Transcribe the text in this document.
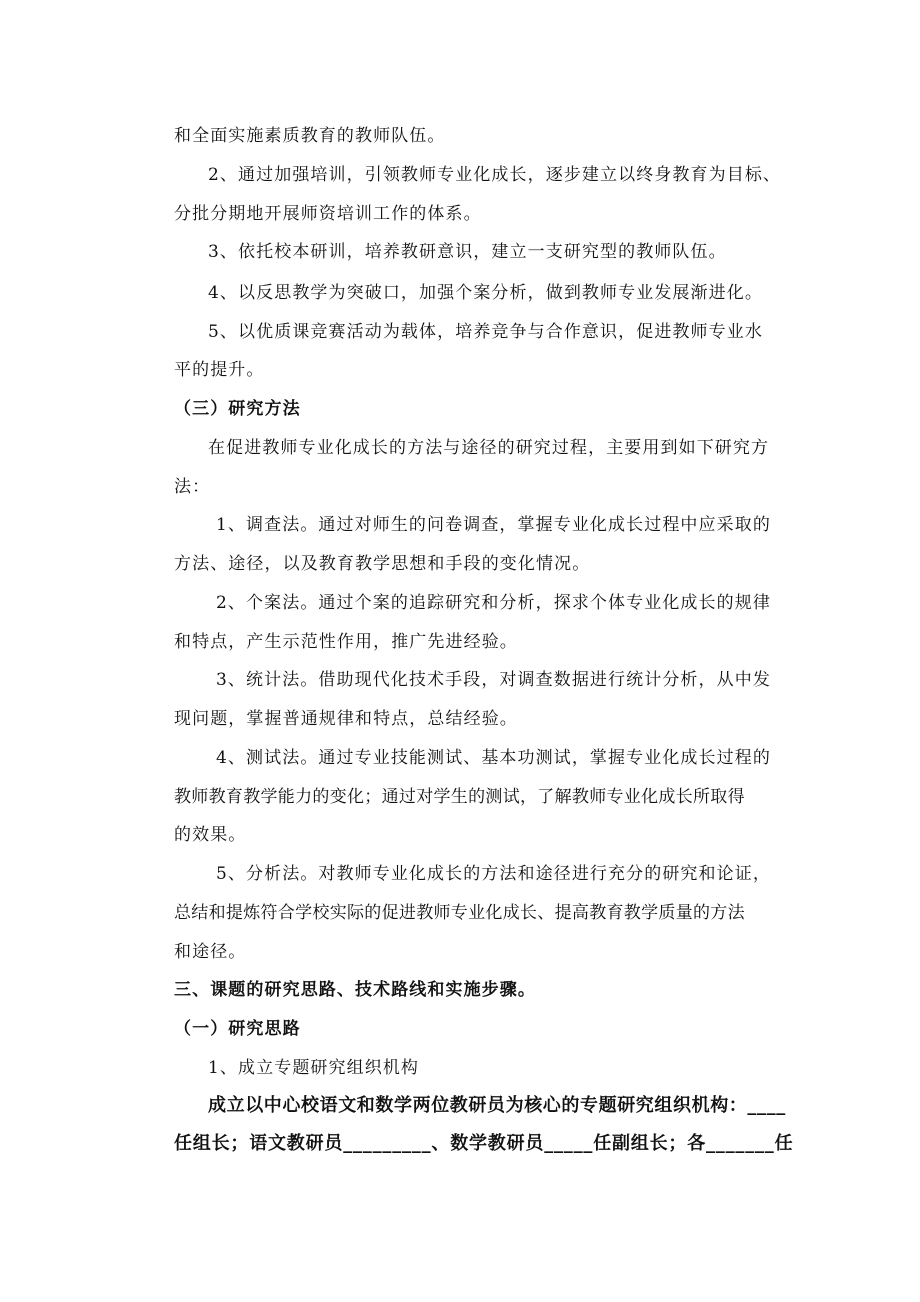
和全面实施素质教育的教师队伍。
2、通过加强培训，引领教师专业化成长，逐步建立以终身教育为目标、
分批分期地开展师资培训工作的体系。
3、依托校本研训，培养教研意识，建立一支研究型的教师队伍。
4、以反思教学为突破口，加强个案分析，做到教师专业发展渐进化。
5、以优质课竞赛活动为载体，培养竞争与合作意识，促进教师专业水
平的提升。
（三）研究方法
在促进教师专业化成长的方法与途径的研究过程，主要用到如下研究方
法：
1、调查法。通过对师生的问卷调查，掌握专业化成长过程中应采取的
方法、途径，以及教育教学思想和手段的变化情况。
2、个案法。通过个案的追踪研究和分析，探求个体专业化成长的规律
和特点，产生示范性作用，推广先进经验。
3、统计法。借助现代化技术手段，对调查数据进行统计分析，从中发
现问题，掌握普通规律和特点，总结经验。
4、测试法。通过专业技能测试、基本功测试，掌握专业化成长过程的
教师教育教学能力的变化；通过对学生的测试，了解教师专业化成长所取得
的效果。
5、分析法。对教师专业化成长的方法和途径进行充分的研究和论证，
总结和提炼符合学校实际的促进教师专业化成长、提高教育教学质量的方法
和途径。
三、课题的研究思路、技术路线和实施步骤。
（一）研究思路
1、成立专题研究组织机构
成立以中心校语文和数学两位教研员为核心的专题研究组织机构：____
任组长；语文教研员_________、数学教研员_____任副组长；各_______任
